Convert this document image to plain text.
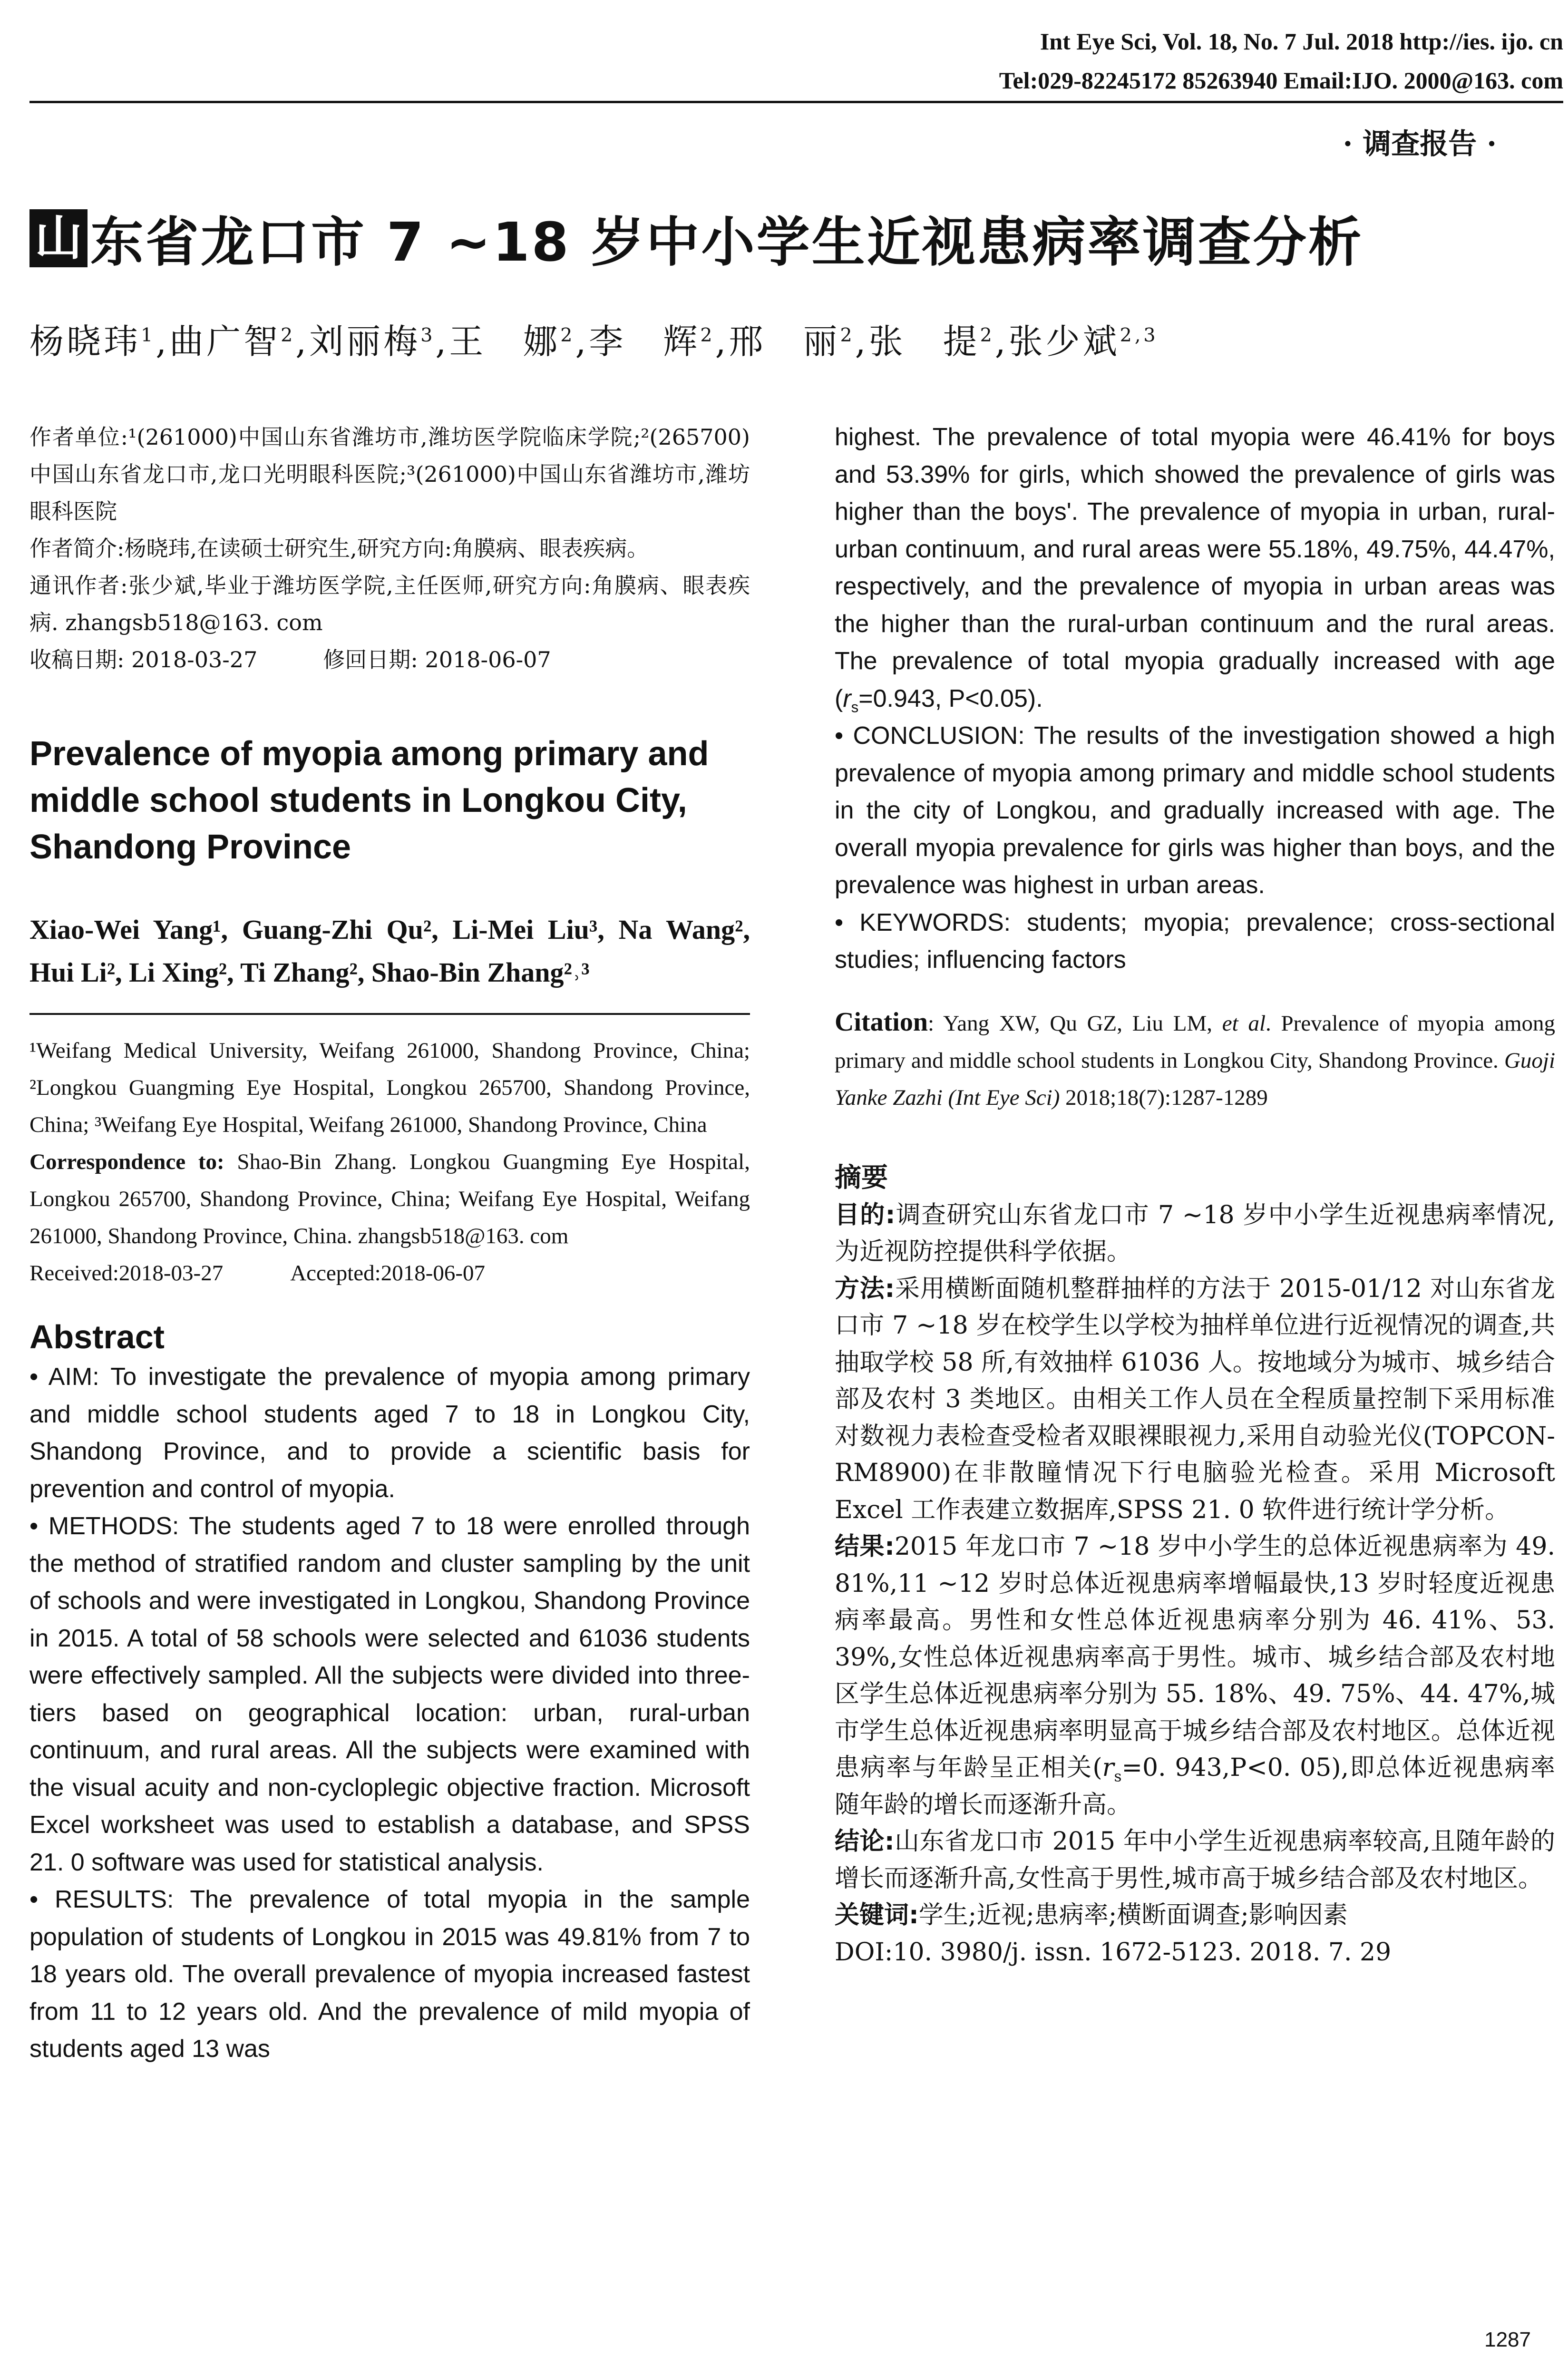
Int Eye Sci, Vol. 18, No. 7 Jul. 2018 http://ies. ijo. cn
Tel:029-82245172 85263940 Email:IJO. 2000@163. com
· 调查报告 ·
山 东省龙口市 7 ~18 岁中小学生近视患病率调查分析
杨晓玮$^1$,曲广智$^2$,刘丽梅$^3$,王　娜$^2$,李　辉$^2$,邢　丽$^2$,张　提$^2$,张少斌$^{2,3}$

作者单位:¹(261000)中国山东省潍坊市,潍坊医学院临床学院;²(265700)中国山东省龙口市,龙口光明眼科医院;³(261000)中国山东省潍坊市,潍坊眼科医院

作者简介:杨晓玮,在读硕士研究生,研究方向:角膜病、眼表疾病。

通讯作者:张少斌,毕业于潍坊医学院,主任医师,研究方向:角膜病、眼表疾病. zhangsb518@163. com

收稿日期: 2018-03-27　　　修回日期: 2018-06-07

Prevalence of myopia among primary and middle school students in Longkou City, Shandong Province

Xiao-Wei Yang¹, Guang-Zhi Qu², Li-Mei Liu³, Na Wang², Hui Li², Li Xing², Ti Zhang², Shao-Bin Zhang²˒³

¹Weifang Medical University, Weifang 261000, Shandong Province, China; ²Longkou Guangming Eye Hospital, Longkou 265700, Shandong Province, China; ³Weifang Eye Hospital, Weifang 261000, Shandong Province, China

Correspondence to: Shao-Bin Zhang. Longkou Guangming Eye Hospital, Longkou 265700, Shandong Province, China; Weifang Eye Hospital, Weifang 261000, Shandong Province, China. zhangsb518@163. com

Received:2018-03-27　　　Accepted:2018-06-07

Abstract

• AIM: To investigate the prevalence of myopia among primary and middle school students aged 7 to 18 in Longkou City, Shandong Province, and to provide a scientific basis for prevention and control of myopia.

• METHODS: The students aged 7 to 18 were enrolled through the method of stratified random and cluster sampling by the unit of schools and were investigated in Longkou, Shandong Province in 2015. A total of 58 schools were selected and 61036 students were effectively sampled. All the subjects were divided into three-tiers based on geographical location: urban, rural-urban continuum, and rural areas. All the subjects were examined with the visual acuity and non-cycloplegic objective fraction. Microsoft Excel worksheet was used to establish a database, and SPSS 21. 0 software was used for statistical analysis.

• RESULTS: The prevalence of total myopia in the sample population of students of Longkou in 2015 was 49.81% from 7 to 18 years old. The overall prevalence of myopia increased fastest from 11 to 12 years old. And the prevalence of mild myopia of students aged 13 was

highest. The prevalence of total myopia were 46.41% for boys and 53.39% for girls, which showed the prevalence of girls was higher than the boys'. The prevalence of myopia in urban, rural-urban continuum, and rural areas were 55.18%, 49.75%, 44.47%, respectively, and the prevalence of myopia in urban areas was the higher than the rural-urban continuum and the rural areas. The prevalence of total myopia gradually increased with age ($r_s=0.943$, P<0.05).

• CONCLUSION: The results of the investigation showed a high prevalence of myopia among primary and middle school students in the city of Longkou, and gradually increased with age. The overall myopia prevalence for girls was higher than boys, and the prevalence was highest in urban areas.

• KEYWORDS: students; myopia; prevalence; cross-sectional studies; influencing factors

Citation: Yang XW, Qu GZ, Liu LM, et al. Prevalence of myopia among primary and middle school students in Longkou City, Shandong Province. Guoji Yanke Zazhi (Int Eye Sci) 2018;18(7):1287-1289

摘要

目的:调查研究山东省龙口市 7 ~18 岁中小学生近视患病率情况,为近视防控提供科学依据。

方法:采用横断面随机整群抽样的方法于 2015-01/12 对山东省龙口市 7 ~18 岁在校学生以学校为抽样单位进行近视情况的调查,共抽取学校 58 所,有效抽样 61036 人。按地域分为城市、城乡结合部及农村 3 类地区。由相关工作人员在全程质量控制下采用标准对数视力表检查受检者双眼裸眼视力,采用自动验光仪(TOPCON-RM8900)在非散瞳情况下行电脑验光检查。采用 Microsoft Excel 工作表建立数据库,SPSS 21. 0 软件进行统计学分析。

结果:2015 年龙口市 7 ~18 岁中小学生的总体近视患病率为 49. 81%,11 ~12 岁时总体近视患病率增幅最快,13 岁时轻度近视患病率最高。男性和女性总体近视患病率分别为 46. 41%、53. 39%,女性总体近视患病率高于男性。城市、城乡结合部及农村地区学生总体近视患病率分别为 55. 18%、49. 75%、44. 47%,城市学生总体近视患病率明显高于城乡结合部及农村地区。总体近视患病率与年龄呈正相关($r_s=0$. 943,P<0. 05),即总体近视患病率随年龄的增长而逐渐升高。

结论:山东省龙口市 2015 年中小学生近视患病率较高,且随年龄的增长而逐渐升高,女性高于男性,城市高于城乡结合部及农村地区。

关键词:学生;近视;患病率;横断面调查;影响因素

DOI:10. 3980/j. issn. 1672-5123. 2018. 7. 29

1287
